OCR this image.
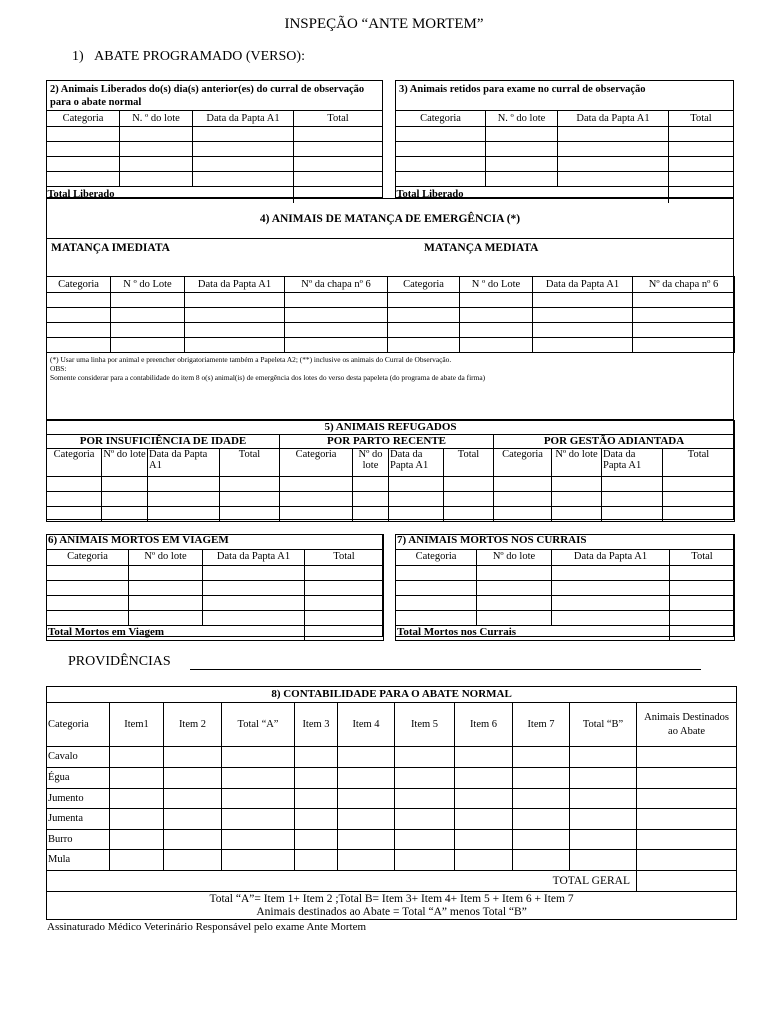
INSPEÇÃO “ANTE MORTEM”
1)   ABATE PROGRAMADO (VERSO):
2) Animais Liberados do(s) dia(s) anterior(es) do curral de observação para o abate normal
Categoria	N. º do lote	Data da Papta A1	Total

Total Liberado			
3) Animais retidos para exame no curral de observação
Categoria	N. º do lote	Data da Papta A1	Total

Total Liberado			
4) ANIMAIS DE MATANÇA DE EMERGÊNCIA (*)
MATANÇA IMEDIATA	MATANÇA MEDIATA
Categoria	N º do Lote	Data da Papta A1	Nº da chapa nº 6	Categoria	N º do Lote	Data da Papta A1	Nº da chapa nº 6

(*) Usar uma linha por animal e preencher obrigatoriamente também a Papeleta A2; (**) inclusive os animais do Curral de Observação.
OBS:
Somente considerar para a contabilidade do item 8 o(s) animal(is) de emergência dos lotes do verso desta papeleta (do programa de abate da firma)
5) ANIMAIS REFUGADOS											
POR INSUFICIÊNCIA DE IDADE				POR PARTO RECENTE				POR GESTÃO ADIANTADA			
Categoria	Nº do lote	Data da Papta A1	Total	Categoria	Nº do lote	Data da Papta A1	Total	Categoria	Nº do lote	Data da Papta A1	Total

6) ANIMAIS MORTOS EM VIAGEM			
Categoria	Nº do lote	Data da Papta A1	Total

Total Mortos em Viagem			
7) ANIMAIS MORTOS NOS CURRAIS			
Categoria	Nº do lote	Data da Papta A1	Total

Total Mortos nos Currais			
PROVIDÊNCIAS
8) CONTABILIDADE PARA O ABATE NORMAL										
Categoria	Item1	Item 2	Total “A”	Item 3	Item 4	Item 5	Item 6	Item 7	Total “B”	Animais Destinados ao Abate
Cavalo										
Égua										
Jumento										
Jumenta										
Burro										
Mula										
TOTAL GERAL										

Total “A”= Item 1+ Item 2 ;Total B= Item 3+ Item 4+ Item 5 + Item 6 + Item 7
Animais destinados ao Abate = Total “A” menos Total “B”										
Assinaturado Médico Veterinário Responsável pelo exame Ante Mortem
